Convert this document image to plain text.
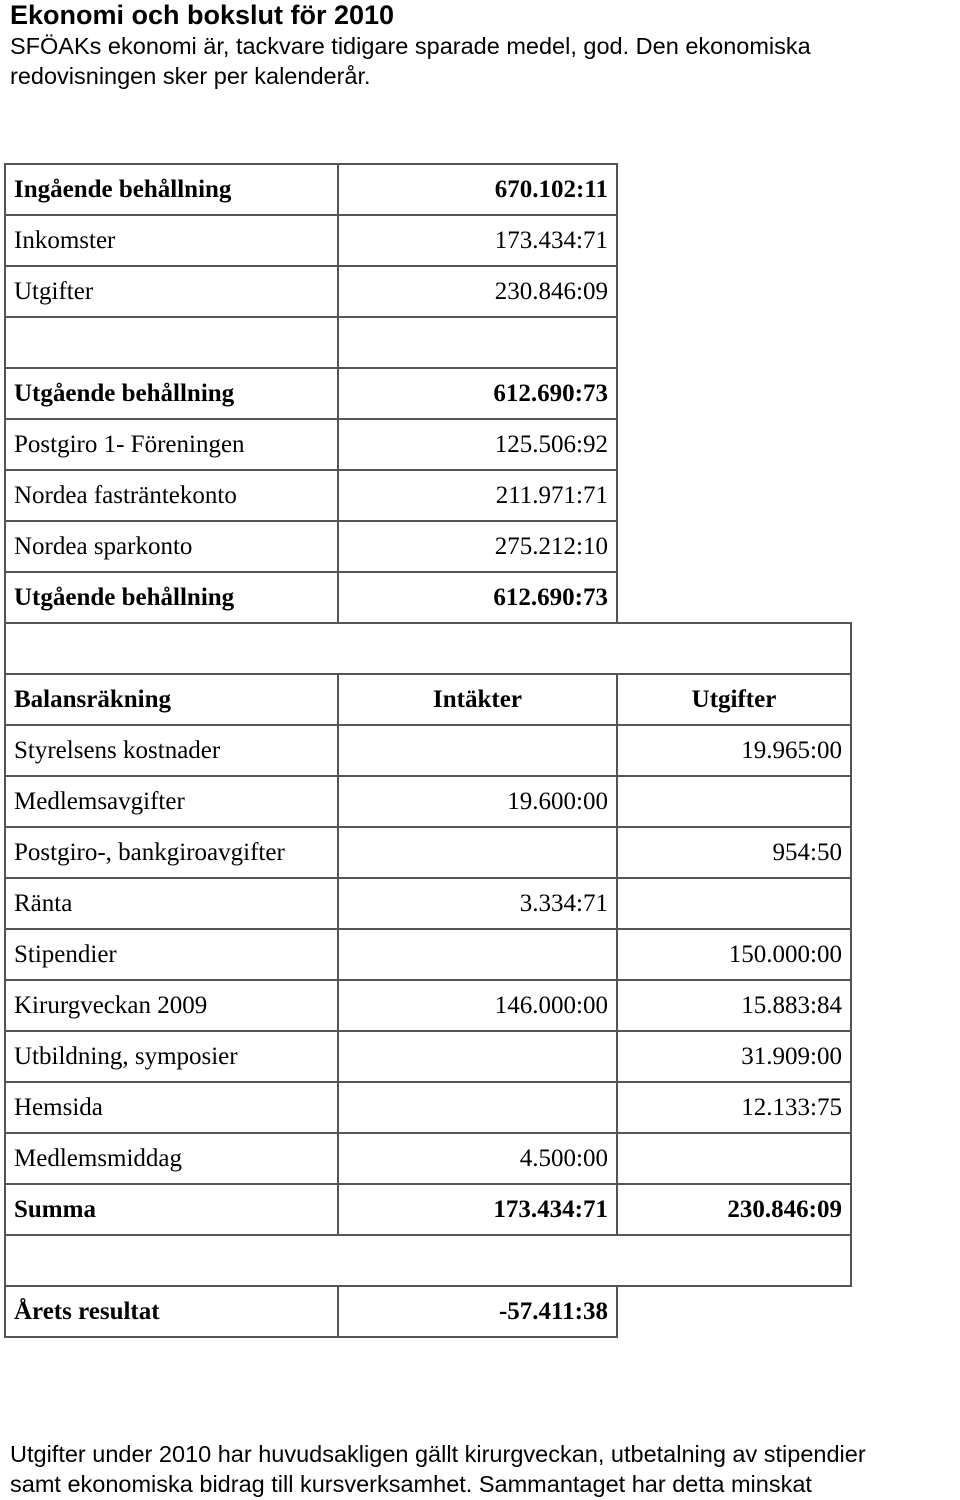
Ekonomi och bokslut för 2010

SFÖAKs ekonomi är, tackvare tidigare sparade medel, god. Den ekonomiska redovisningen sker per kalenderår.

Ingående behållning	670.102:11	
Inkomster	173.434:71	
Utgifter	230.846:09	

Utgående behållning	612.690:73	
Postgiro 1- Föreningen	125.506:92	
Nordea fasträntekonto	211.971:71	
Nordea sparkonto	275.212:10	
Utgående behållning	612.690:73	

Balansräkning	Intäkter	Utgifter
Styrelsens kostnader		19.965:00
Medlemsavgifter	19.600:00	
Postgiro-, bankgiroavgifter		954:50
Ränta	3.334:71	
Stipendier		150.000:00
Kirurgveckan 2009	146.000:00	15.883:84
Utbildning, symposier		31.909:00
Hemsida		12.133:75
Medlemsmiddag	4.500:00	
Summa	173.434:71	230.846:09

Årets resultat	-57.411:38	
Utgifter under 2010 har huvudsakligen gällt kirurgveckan, utbetalning av stipendier
samt ekonomiska bidrag till kursverksamhet. Sammantaget har detta minskat
